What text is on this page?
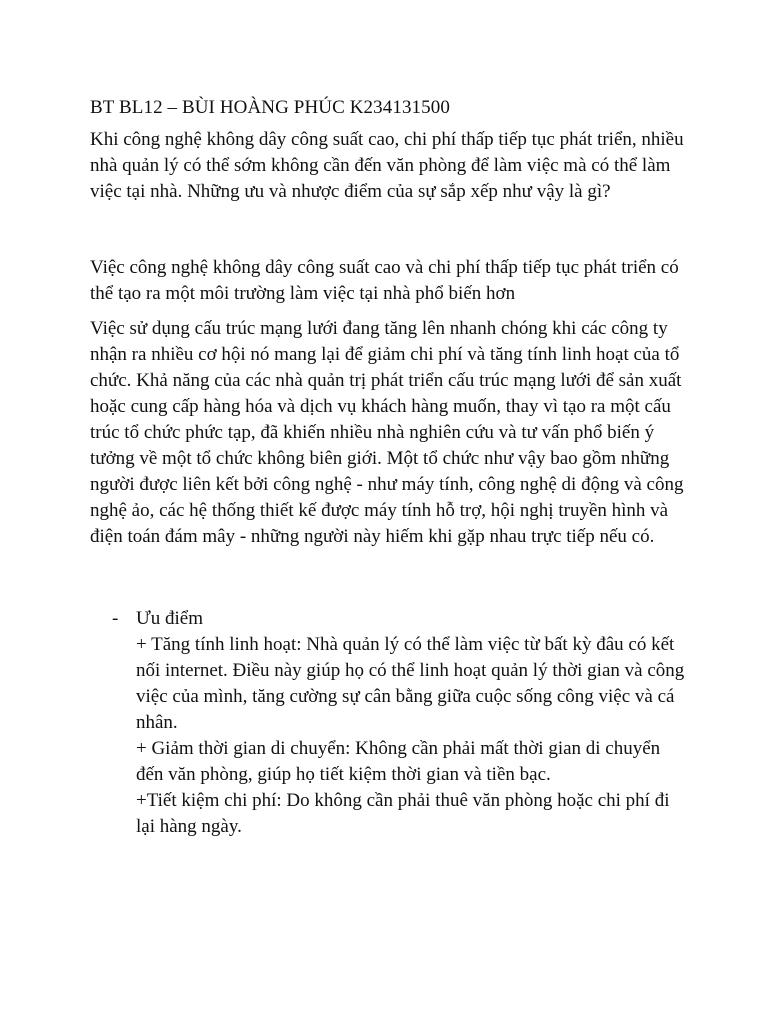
BT BL12 – BÙI HOÀNG PHÚC K234131500

Khi công nghệ không dây công suất cao, chi phí thấp tiếp tục phát triển, nhiều nhà quản lý có thể sớm không cần đến văn phòng để làm việc mà có thể làm việc tại nhà. Những ưu và nhược điểm của sự sắp xếp như vậy là gì?

Việc công nghệ không dây công suất cao và chi phí thấp tiếp tục phát triển có thể tạo ra một môi trường làm việc tại nhà phổ biến hơn

Việc sử dụng cấu trúc mạng lưới đang tăng lên nhanh chóng khi các công ty nhận ra nhiều cơ hội nó mang lại để giảm chi phí và tăng tính linh hoạt của tổ chức. Khả năng của các nhà quản trị phát triển cấu trúc mạng lưới để sản xuất hoặc cung cấp hàng hóa và dịch vụ khách hàng muốn, thay vì tạo ra một cấu trúc tổ chức phức tạp, đã khiến nhiều nhà nghiên cứu và tư vấn phổ biến ý tưởng về một tổ chức không biên giới. Một tổ chức như vậy bao gồm những người được liên kết bởi công nghệ - như máy tính, công nghệ di động và công nghệ ảo, các hệ thống thiết kế được máy tính hỗ trợ, hội nghị truyền hình và điện toán đám mây - những người này hiếm khi gặp nhau trực tiếp nếu có.

- Ưu điểm
+ Tăng tính linh hoạt: Nhà quản lý có thể làm việc từ bất kỳ đâu có kết nối internet. Điều này giúp họ có thể linh hoạt quản lý thời gian và công việc của mình, tăng cường sự cân bằng giữa cuộc sống công việc và cá nhân.
+ Giảm thời gian di chuyển: Không cần phải mất thời gian di chuyển đến văn phòng, giúp họ tiết kiệm thời gian và tiền bạc.
+Tiết kiệm chi phí: Do không cần phải thuê văn phòng hoặc chi phí đi lại hàng ngày.
